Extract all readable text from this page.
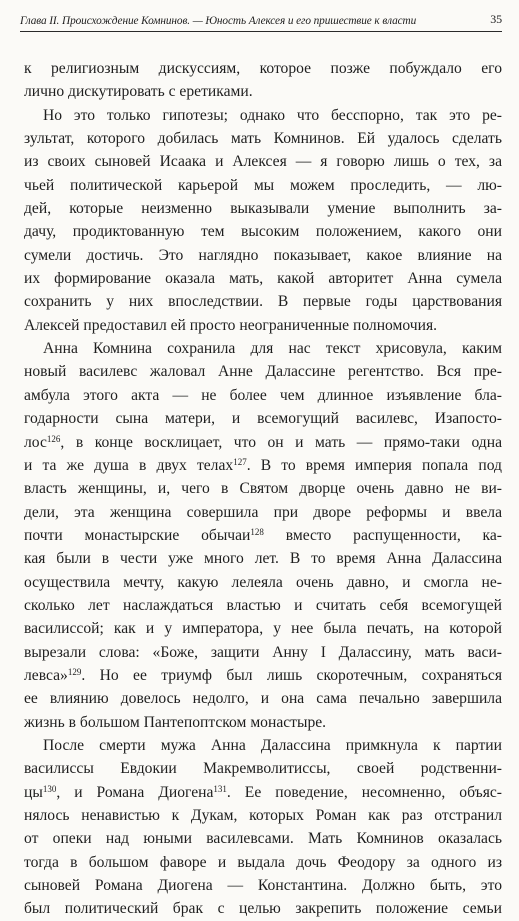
Глава II. Происхождение Комнинов. — Юность Алексея и его пришествие к власти	35
к религиозным дискуссиям, которое позже побуждало его
лично дискутировать с еретиками.
Но это только гипотезы; однако что бесспорно, так это ре-
зультат, которого добилась мать Комнинов. Ей удалось сделать
из своих сыновей Исаака и Алексея — я говорю лишь о тех, за
чьей политической карьерой мы можем проследить, — лю-
дей, которые неизменно выказывали умение выполнить за-
дачу, продиктованную тем высоким положением, какого они
сумели достичь. Это наглядно показывает, какое влияние на
их формирование оказала мать, какой авторитет Анна сумела
сохранить у них впоследствии. В первые годы царствования
Алексей предоставил ей просто неограниченные полномочия.
Анна Комнина сохранила для нас текст хрисовула, каким
новый василевс жаловал Анне Далассине регентство. Вся пре-
амбула этого акта — не более чем длинное изъявление бла-
годарности сына матери, и всемогущий василевс, Изапосто-
лос$^{126}$, в конце восклицает, что он и мать — прямо-таки одна
и та же душа в двух телах$^{127}$. В то время империя попала под
власть женщины, и, чего в Святом дворце очень давно не ви-
дели, эта женщина совершила при дворе реформы и ввела
почти монастырские обычаи$^{128}$ вместо распущенности, ка-
кая были в чести уже много лет. В то время Анна Далассина
осуществила мечту, какую лелеяла очень давно, и смогла не-
сколько лет наслаждаться властью и считать себя всемогущей
василиссой; как и у императора, у нее была печать, на которой
вырезали слова: «Боже, защити Анну I Далассину, мать васи-
левса»$^{129}$. Но ее триумф был лишь скоротечным, сохраняться
ее влиянию довелось недолго, и она сама печально завершила
жизнь в большом Пантепоптском монастыре.
После смерти мужа Анна Далассина примкнула к партии
василиссы Евдокии Макремволитиссы, своей родственни-
$цы^{130}$, и Романа Диогена$^{131}$. Ее поведение, несомненно, объяс-
нялось ненавистью к Дукам, которых Роман как раз отстранил
от опеки над юными василевсами. Мать Комнинов оказалась
тогда в большом фаворе и выдала дочь Феодору за одного из
сыновей Романа Диогена — Константина. Должно быть, это
был политический брак с целью закрепить положение семьи
